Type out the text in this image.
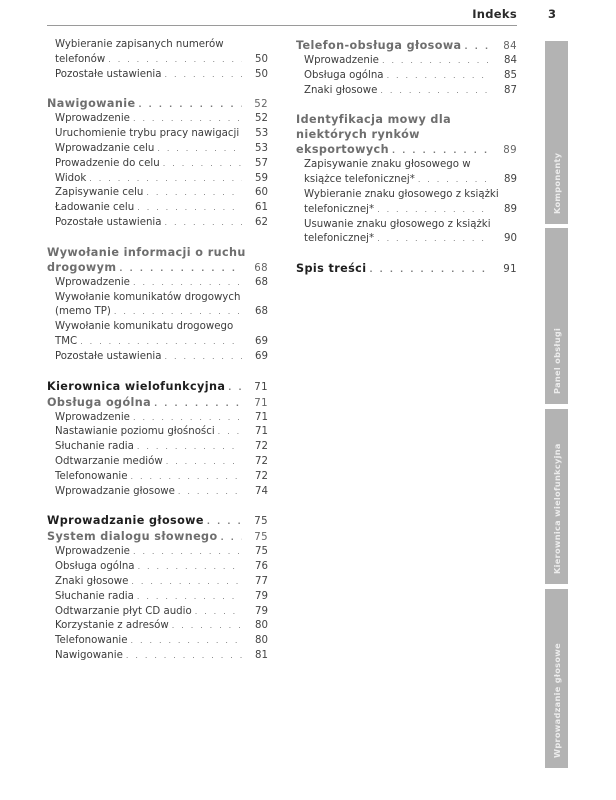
Indeks	3
Wybieranie zapisanych numerów
telefonów . . .	50
Pozostałe ustawienia . . .	50
Nawigowanie . . .	52
Wprowadzenie . . .	52
Uruchomienie trybu pracy nawigacji	53
Wprowadzanie celu . . .	53
Prowadzenie do celu . . .	57
Widok . . .	59
Zapisywanie celu . . .	60
Ładowanie celu . . .	61
Pozostałe ustawienia . . .	62
Wywołanie informacji o ruchu
drogowym . . .	68
Wprowadzenie . . .	68
Wywołanie komunikatów drogowych
(memo TP) . . .	68
Wywołanie komunikatu drogowego
TMC . . .	69
Pozostałe ustawienia . . .	69
Kierownica wielofunkcyjna . . .	71
Obsługa ogólna . . .	71
Wprowadzenie . . .	71
Nastawianie poziomu głośności . . .	71
Słuchanie radia . . .	72
Odtwarzanie mediów . . .	72
Telefonowanie . . .	72
Wprowadzanie głosowe . . .	74
Wprowadzanie głosowe . . .	75
System dialogu słownego . . .	75
Wprowadzenie . . .	75
Obsługa ogólna . . .	76
Znaki głosowe . . .	77
Słuchanie radia . . .	79
Odtwarzanie płyt CD audio . . .	79
Korzystanie z adresów . . .	80
Telefonowanie . . .	80
Nawigowanie . . .	81
Telefon-obsługa głosowa . . .	84
Wprowadzenie . . .	84
Obsługa ogólna . . .	85
Znaki głosowe . . .	87
Identyfikacja mowy dla
niektórych rynków
eksportowych . . .	89
Zapisywanie znaku głosowego w
książce telefonicznej* . . .	89
Wybieranie znaku głosowego z książki
telefonicznej* . . .	89
Usuwanie znaku głosowego z książki
telefonicznej* . . .	90
Spis treści . . .	91
Komponenty
Panel obsługi
Kierownica wielofunkcyjna
Wprowadzanie głosowe
